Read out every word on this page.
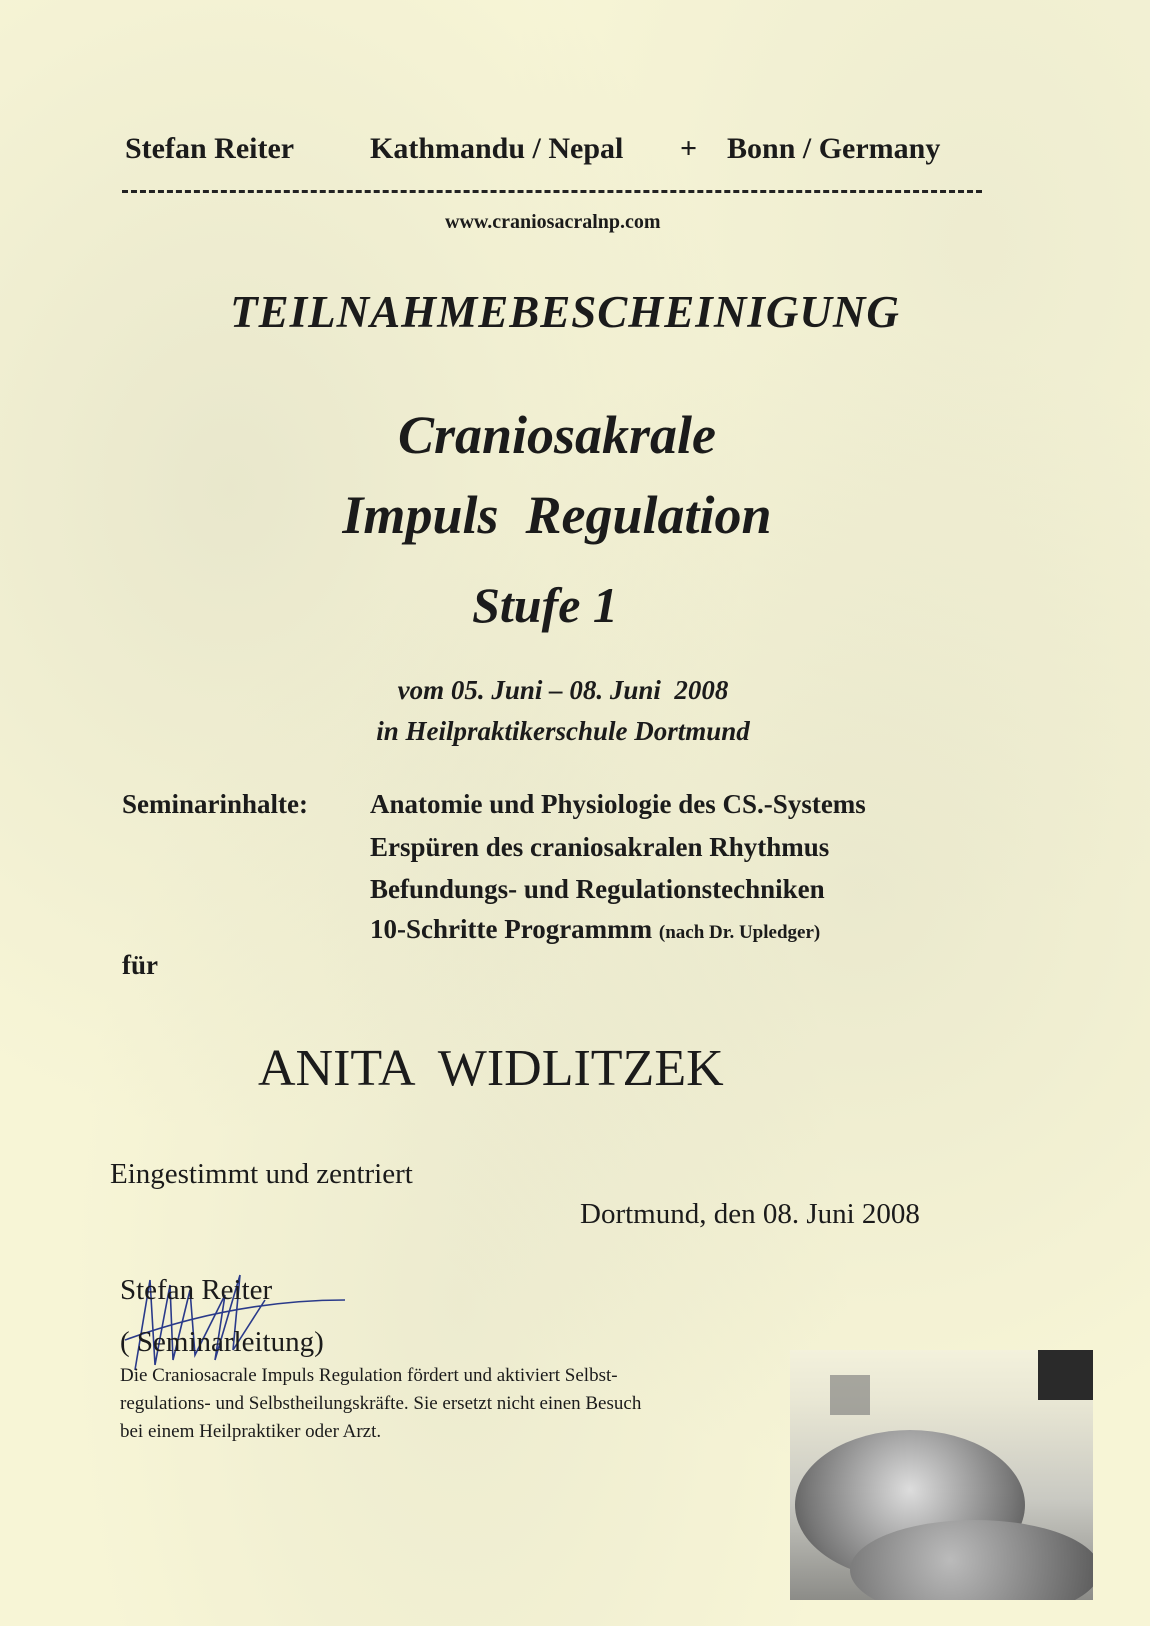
Stefan Reiter	Kathmandu / Nepal + Bonn / Germany
www.craniosacralnp.com
TEILNAHMEBESCHEINIGUNG
Craniosakrale
Impuls  Regulation
Stufe 1
vom 05. Juni – 08. Juni  2008
in Heilpraktikerschule Dortmund
Seminarinhalte: Anatomie und Physiologie des CS.-Systems
Erspüren des craniosakralen Rhythmus
Befundungs- und Regulationstechniken
10-Schritte Programmm (nach Dr. Upledger)
für
ANITA  WIDLITZEK
Eingestimmt und zentriert
Dortmund, den 08. Juni 2008
Stefan Reiter
( Seminarleitung)
Die Craniosacrale Impuls Regulation fördert und aktiviert Selbst-
regulations- und Selbstheilungskräfte. Sie ersetzt nicht einen Besuch
bei einem Heilpraktiker oder Arzt.
